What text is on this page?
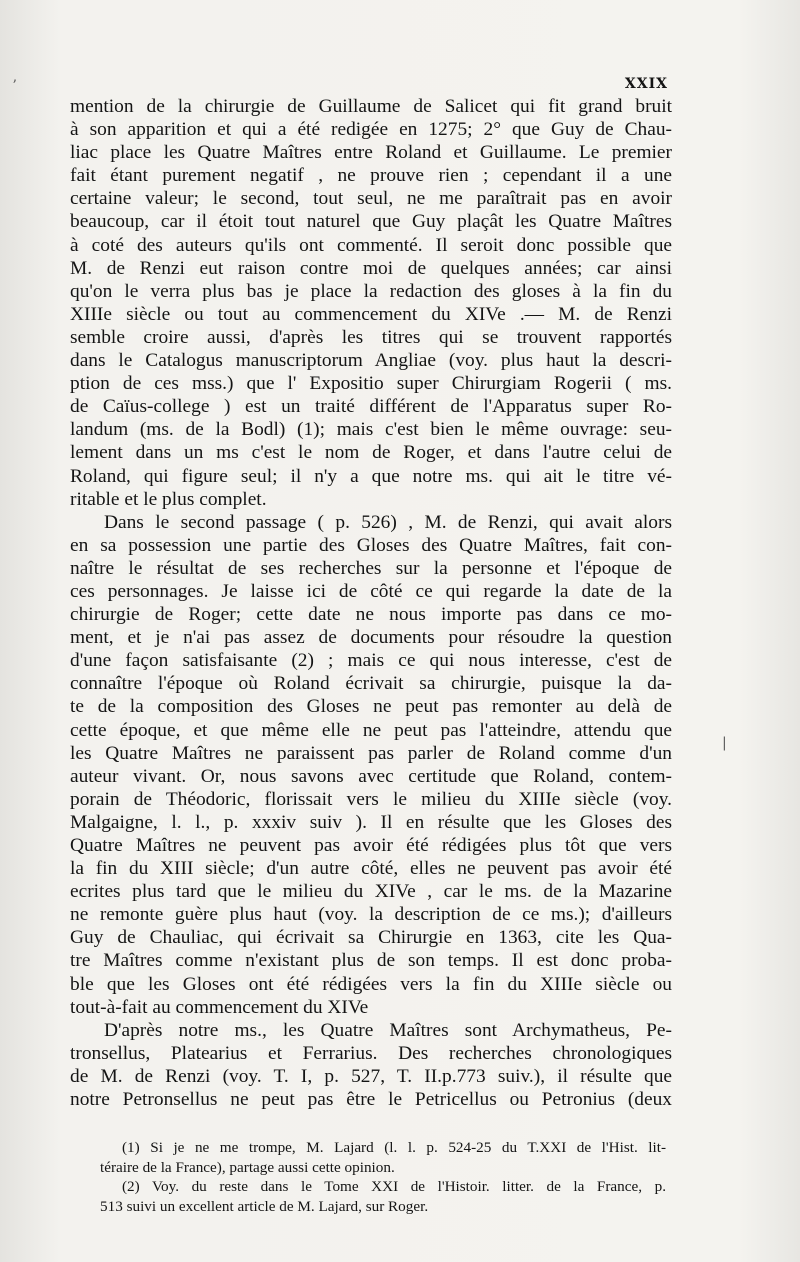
XXIX
mention de la chirurgie de Guillaume de Salicet qui fit grand bruit
à son apparition et qui a été redigée en 1275; 2° que Guy de Chau-
liac place les Quatre Maîtres entre Roland et Guillaume. Le premier
fait étant purement negatif , ne prouve rien ; cependant il a une
certaine valeur; le second, tout seul, ne me paraîtrait pas en avoir
beaucoup, car il étoit tout naturel que Guy plaçât les Quatre Maîtres
à coté des auteurs qu'ils ont commenté. Il seroit donc possible que
M. de Renzi eut raison contre moi de quelques années; car ainsi
qu'on le verra plus bas je place la redaction des gloses à la fin du
XIIIe siècle ou tout au commencement du XIVe .— M. de Renzi
semble croire aussi, d'après les titres qui se trouvent rapportés
dans le Catalogus manuscriptorum Angliae (voy. plus haut la descri-
ption de ces mss.) que l' Expositio super Chirurgiam Rogerii ( ms.
de Caïus-college ) est un traité différent de l'Apparatus super Ro-
landum (ms. de la Bodl) (1); mais c'est bien le même ouvrage: seu-
lement dans un ms c'est le nom de Roger, et dans l'autre celui de
Roland, qui figure seul; il n'y a que notre ms. qui ait le titre vé-
ritable et le plus complet.
Dans le second passage ( p. 526) , M. de Renzi, qui avait alors
en sa possession une partie des Gloses des Quatre Maîtres, fait con-
naître le résultat de ses recherches sur la personne et l'époque de
ces personnages. Je laisse ici de côté ce qui regarde la date de la
chirurgie de Roger; cette date ne nous importe pas dans ce mo-
ment, et je n'ai pas assez de documents pour résoudre la question
d'une façon satisfaisante (2) ; mais ce qui nous interesse, c'est de
connaître l'époque où Roland écrivait sa chirurgie, puisque la da-
te de la composition des Gloses ne peut pas remonter au delà de
cette époque, et que même elle ne peut pas l'atteindre, attendu que
les Quatre Maîtres ne paraissent pas parler de Roland comme d'un
auteur vivant. Or, nous savons avec certitude que Roland, contem-
porain de Théodoric, florissait vers le milieu du XIIIe siècle (voy.
Malgaigne, l. l., p. xxxiv suiv ). Il en résulte que les Gloses des
Quatre Maîtres ne peuvent pas avoir été rédigées plus tôt que vers
la fin du XIII siècle; d'un autre côté, elles ne peuvent pas avoir été
ecrites plus tard que le milieu du XIVe , car le ms. de la Mazarine
ne remonte guère plus haut (voy. la description de ce ms.); d'ailleurs
Guy de Chauliac, qui écrivait sa Chirurgie en 1363, cite les Qua-
tre Maîtres comme n'existant plus de son temps. Il est donc proba-
ble que les Gloses ont été rédigées vers la fin du XIIIe siècle ou
tout-à-fait au commencement du XIVe
D'après notre ms., les Quatre Maîtres sont Archymatheus, Pe-
tronsellus, Platearius et Ferrarius. Des recherches chronologiques
de M. de Renzi (voy. T. I, p. 527, T. II.p.773 suiv.), il résulte que
notre Petronsellus ne peut pas être le Petricellus ou Petronius (deux
(1) Si je ne me trompe, M. Lajard (l. l. p. 524-25 du T.XXI de l'Hist. lit-
téraire de la France), partage aussi cette opinion.
(2) Voy. du reste dans le Tome XXI de l'Histoir. litter. de la France, p.
513 suivi un excellent article de M. Lajard, sur Roger.
ʼ
|
